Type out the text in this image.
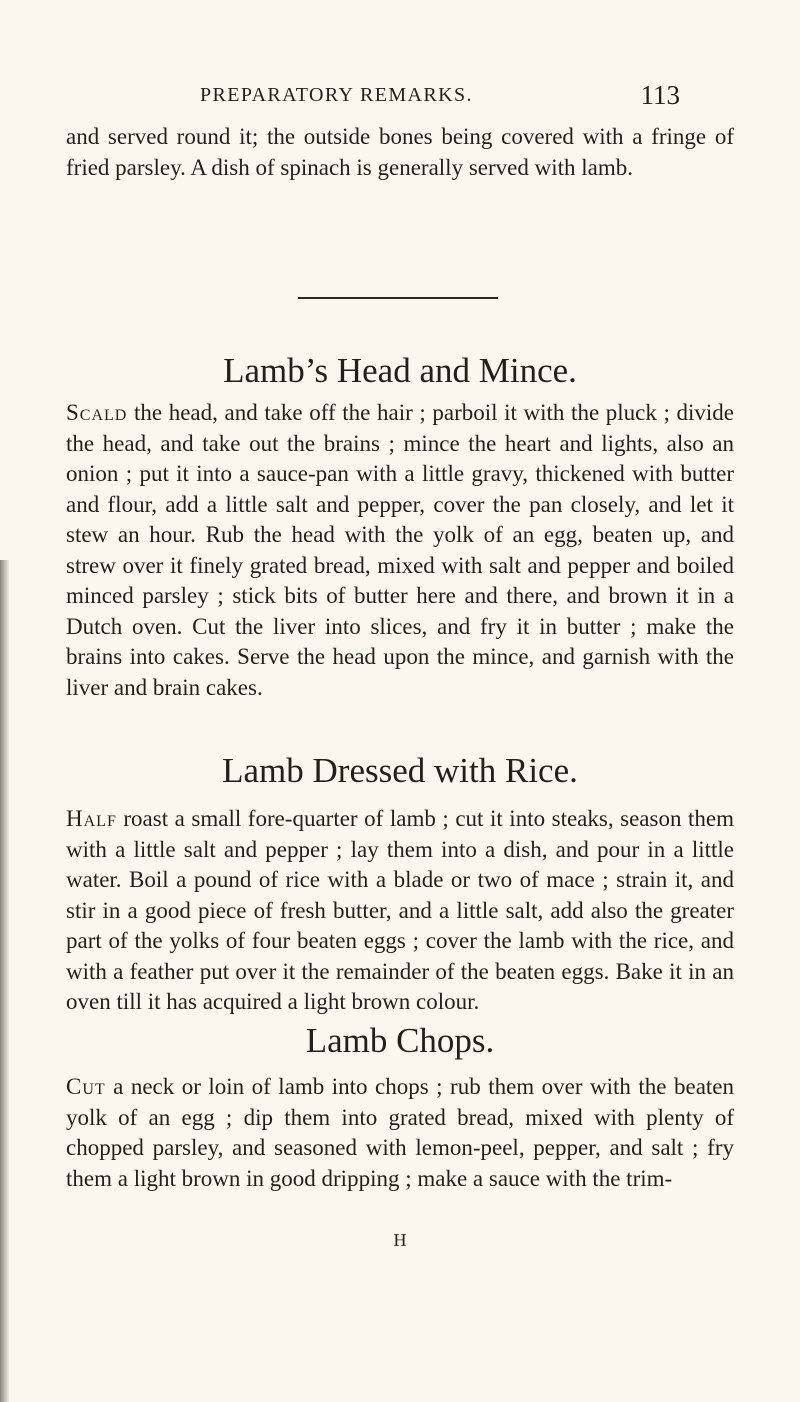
PREPARATORY REMARKS.	113
and served round it; the outside bones being covered with a fringe of fried parsley. A dish of spinach is generally served with lamb.
Lamb’s Head and Mince.
Scald the head, and take off the hair ; parboil it with the pluck ; divide the head, and take out the brains ; mince the heart and lights, also an onion ; put it into a sauce-pan with a little gravy, thickened with butter and flour, add a little salt and pepper, cover the pan closely, and let it stew an hour. Rub the head with the yolk of an egg, beaten up, and strew over it finely grated bread, mixed with salt and pepper and boiled minced parsley ; stick bits of butter here and there, and brown it in a Dutch oven. Cut the liver into slices, and fry it in butter ; make the brains into cakes. Serve the head upon the mince, and garnish with the liver and brain cakes.
Lamb Dressed with Rice.
Half roast a small fore-quarter of lamb ; cut it into steaks, season them with a little salt and pepper ; lay them into a dish, and pour in a little water. Boil a pound of rice with a blade or two of mace ; strain it, and stir in a good piece of fresh butter, and a little salt, add also the greater part of the yolks of four beaten eggs ; cover the lamb with the rice, and with a feather put over it the remainder of the beaten eggs. Bake it in an oven till it has acquired a light brown colour.
Lamb Chops.
Cut a neck or loin of lamb into chops ; rub them over with the beaten yolk of an egg ; dip them into grated bread, mixed with plenty of chopped parsley, and seasoned with lemon-peel, pepper, and salt ; fry them a light brown in good dripping ; make a sauce with the trim-
H
